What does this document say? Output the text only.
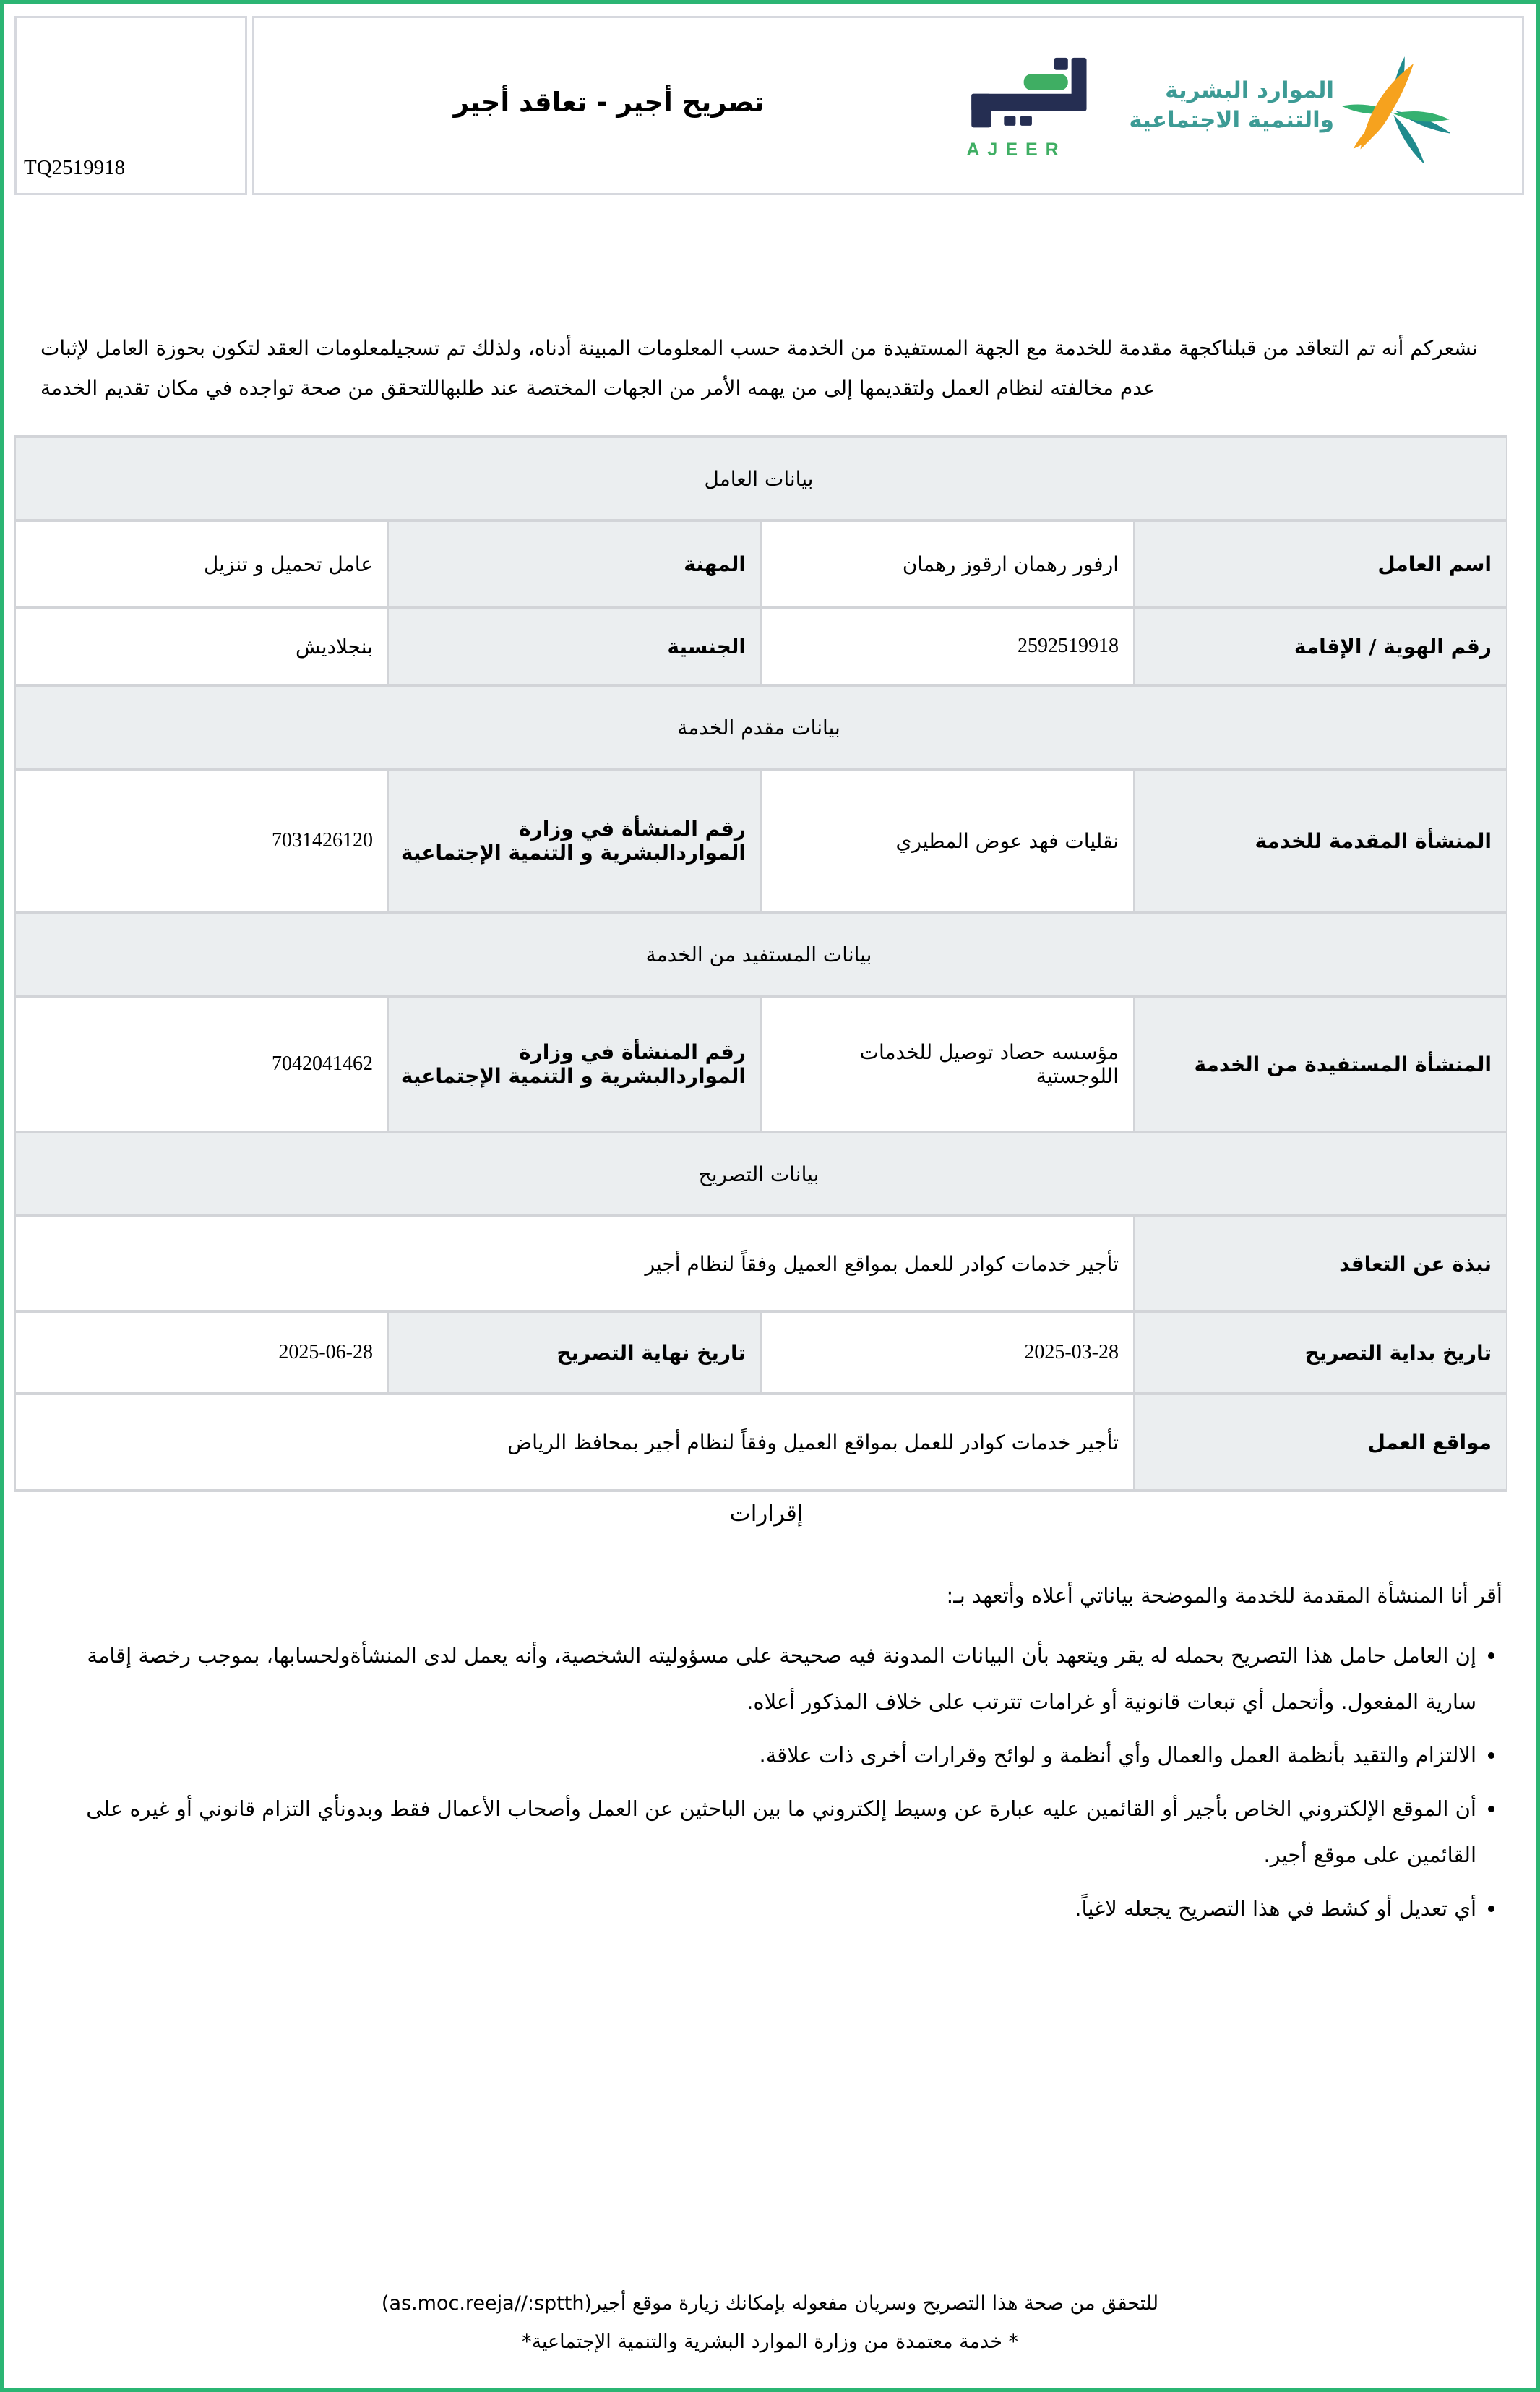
TQ2519918
تصريح أجير - تعاقد أجير
AJEER
الموارد البشرية
والتنمية الاجتماعية
نشعركم أنه تم التعاقد من قبلناكجهة مقدمة للخدمة مع الجهة المستفيدة من الخدمة حسب المعلومات المبينة أدناه، ولذلك تم تسجيلمعلومات العقد لتكون بحوزة العامل لإثبات عدم مخالفته لنظام العمل ولتقديمها إلى من يهمه الأمر من الجهات المختصة عند طلبهاللتحقق من صحة تواجده في مكان تقديم الخدمة
بيانات العامل			
اسم العامل	ارفور رهمان ارقوز رهمان	المهنة	عامل تحميل و تنزيل
رقم الهوية / الإقامة	2592519918	الجنسية	بنجلاديش
بيانات مقدم الخدمة			
المنشأة المقدمة للخدمة	نقليات فهد عوض المطيري	رقم المنشأة في وزارة المواردالبشرية و التنمية الإجتماعية	7031426120
بيانات المستفيد من الخدمة			
المنشأة المستفيدة من الخدمة	مؤسسه حصاد توصيل للخدمات اللوجستية	رقم المنشأة في وزارة المواردالبشرية و التنمية الإجتماعية	7042041462
بيانات التصريح			
نبذة عن التعاقد	تأجير خدمات كوادر للعمل بمواقع العميل وفقاً لنظام أجير		
تاريخ بداية التصريح	2025-03-28	تاريخ نهاية التصريح	2025-06-28
مواقع العمل	تأجير خدمات كوادر للعمل بمواقع العميل وفقاً لنظام أجير بمحافظ الرياض		
إقرارات
أقر أنا المنشأة المقدمة للخدمة والموضحة بياناتي أعلاه وأتعهد بـ:
• إن العامل حامل هذا التصريح بحمله له يقر ويتعهد بأن البيانات المدونة فيه صحيحة على مسؤوليته الشخصية، وأنه يعمل لدى المنشأةولحسابها، بموجب رخصة إقامة سارية المفعول. وأتحمل أي تبعات قانونية أو غرامات تترتب على خلاف المذكور أعلاه.
• الالتزام والتقيد بأنظمة العمل والعمال وأي أنظمة و لوائح وقرارات أخرى ذات علاقة.
• أن الموقع الإلكتروني الخاص بأجير أو القائمين عليه عبارة عن وسيط إلكتروني ما بين الباحثين عن العمل وأصحاب الأعمال فقط وبدونأي التزام قانوني أو غيره على القائمين على موقع أجير.
• أي تعديل أو كشط في هذا التصريح يجعله لاغياً.
للتحقق من صحة هذا التصريح وسريان مفعوله بإمكانك زيارة موقع أجير(as.moc.reeja//:sptth)
* خدمة معتمدة من وزارة الموارد البشرية والتنمية الإجتماعية*
